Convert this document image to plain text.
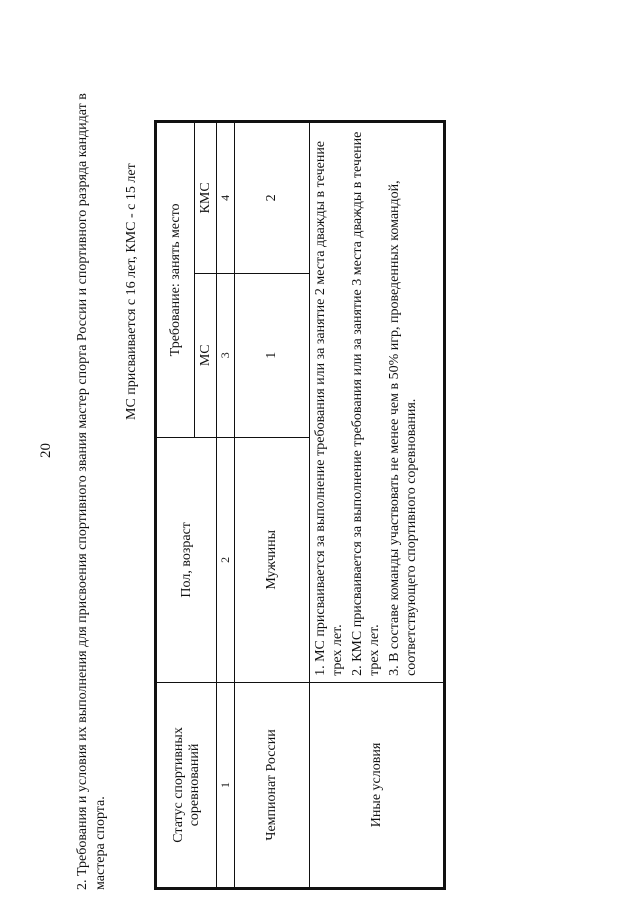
20 2. Требования и условия их выполнения для присвоения спортивного звания мастер спорта России и спортивного разряда кандидат в мастера спорта.
МС присваивается с 16 лет, КМС - с 15 лет
Статус спортивных соревнований	Пол, возраст	Требование: занять место	
		МС	КМС
1	2	3	4
Чемпионат России	Мужчины	1	2
Иные условия	1. МС присваивается за выполнение требования или за занятие 2 места дважды в течение трех лет. 2. КМС присваивается за выполнение требования или за занятие 3 места дважды в течение трех лет. 3. В составе команды участвовать не менее чем в 50% игр, проведенных командой, соответствующего спортивного соревнования.		
